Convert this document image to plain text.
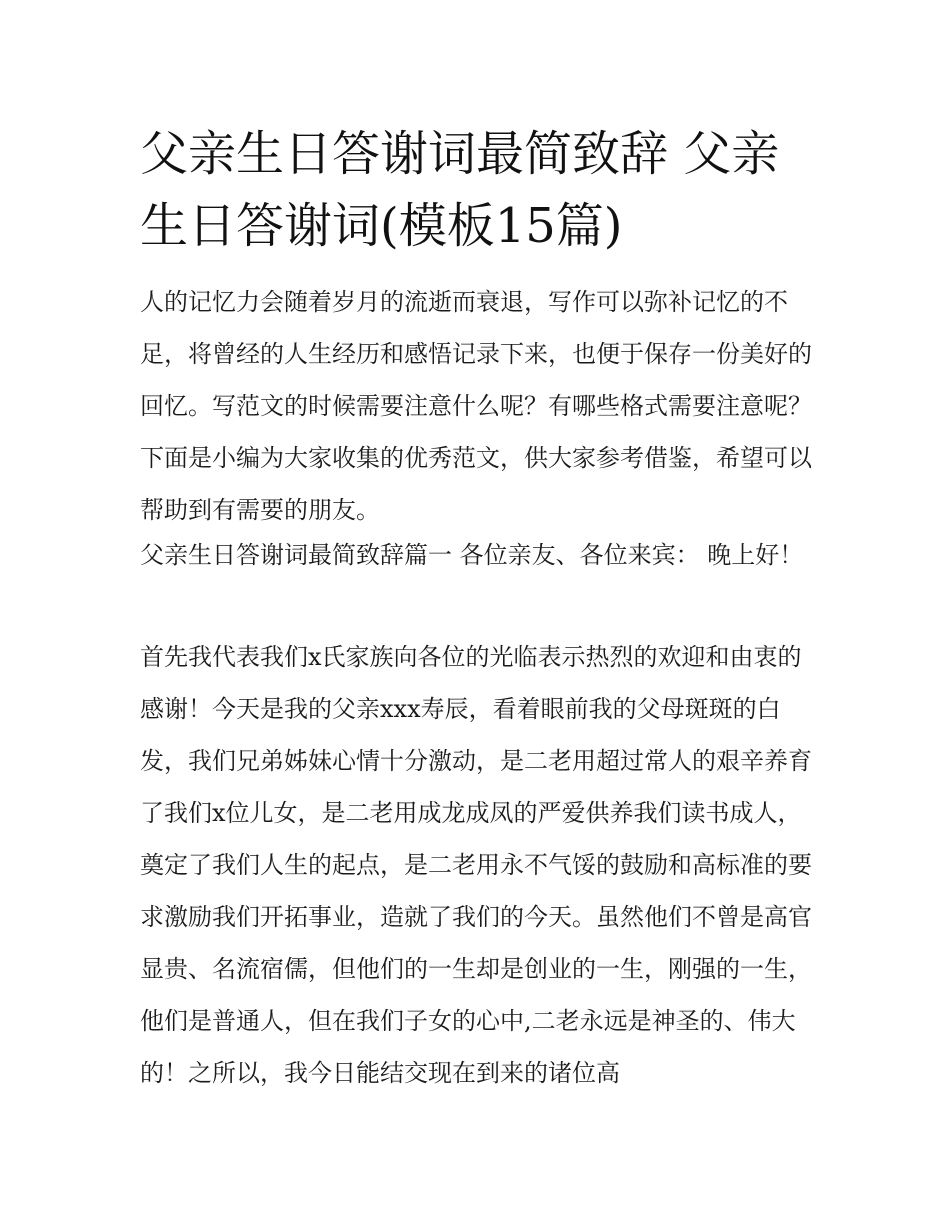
父亲生日答谢词最简致辞 父亲生日答谢词(模板15篇)

人的记忆力会随着岁月的流逝而衰退，写作可以弥补记忆的不足，将曾经的人生经历和感悟记录下来，也便于保存一份美好的回忆。写范文的时候需要注意什么呢？有哪些格式需要注意呢？下面是小编为大家收集的优秀范文，供大家参考借鉴，希望可以帮助到有需要的朋友。

父亲生日答谢词最简致辞篇一 各位亲友、各位来宾： 晚上好！

首先我代表我们x氏家族向各位的光临表示热烈的欢迎和由衷的感谢！今天是我的父亲xxx寿辰，看着眼前我的父母斑斑的白发，我们兄弟姊妹心情十分激动，是二老用超过常人的艰辛养育了我们x位儿女，是二老用成龙成凤的严爱供养我们读书成人，奠定了我们人生的起点，是二老用永不气馁的鼓励和高标准的要求激励我们开拓事业，造就了我们的今天。虽然他们不曾是高官显贵、名流宿儒，但他们的一生却是创业的一生，刚强的一生，他们是普通人，但在我们子女的心中,二老永远是神圣的、伟大的！之所以，我今日能结交现在到来的诸位高
